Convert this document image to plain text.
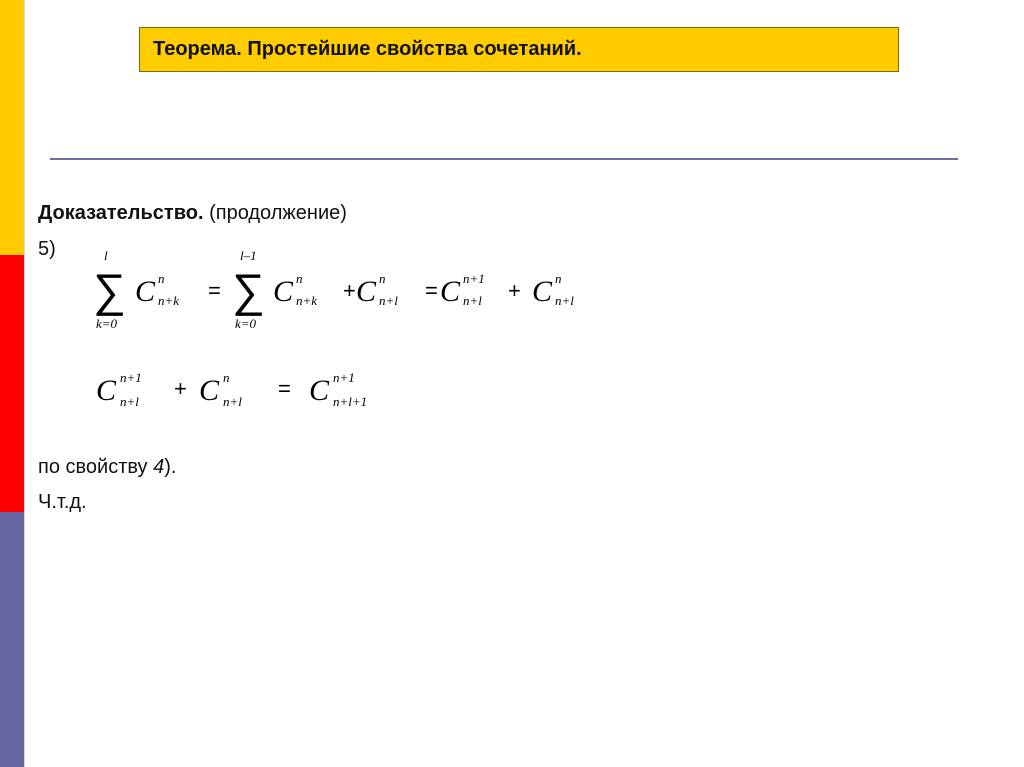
Теорема. Простейшие свойства сочетаний.
Доказательство. (продолжение)
5)	l
∑
k=0
C n
n+k =
l–1
∑
k=0
C n
n+k + C n
n+l = C n+1
n+l + C n
n+l
C n+1
n+l
+ C n
n+l
= C n+1
n+l+1
по свойству 4).
Ч.т.д.
